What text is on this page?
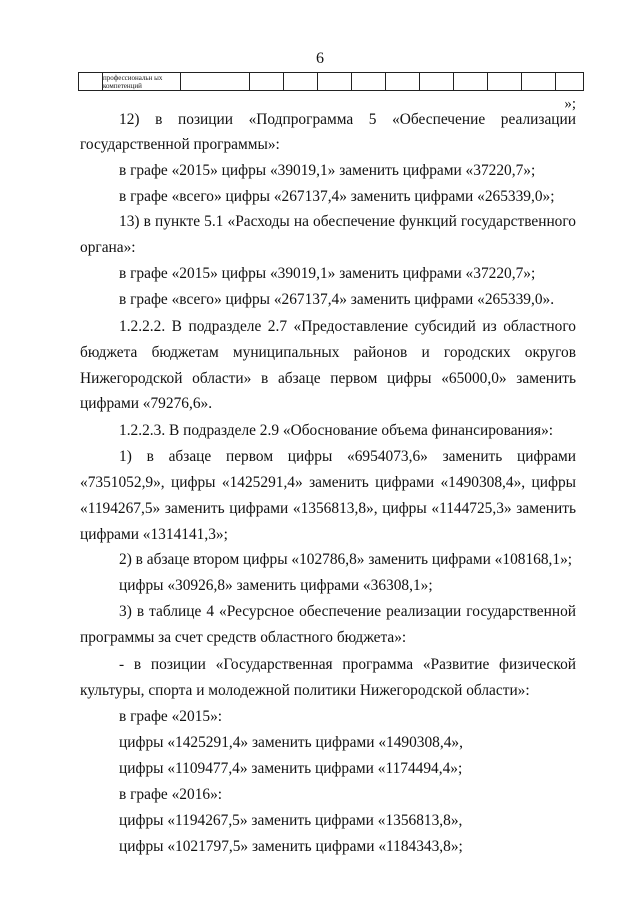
6
	профессиональн ых компетенций											
»;
12) в позиции «Подпрограмма 5 «Обеспечение реализации
государственной программы»:
в графе «2015» цифры «39019,1» заменить цифрами «37220,7»;
в графе «всего» цифры «267137,4» заменить цифрами «265339,0»;
13) в пункте 5.1 «Расходы на обеспечение функций государственного
органа»:
в графе «2015» цифры «39019,1» заменить цифрами «37220,7»;
в графе «всего» цифры «267137,4» заменить цифрами «265339,0».
1.2.2.2. В подразделе 2.7 «Предоставление субсидий из областного
бюджета бюджетам муниципальных районов и городских округов
Нижегородской области» в абзаце первом цифры «65000,0» заменить
цифрами «79276,6».
1.2.2.3. В подразделе 2.9 «Обоснование объема финансирования»:
1) в абзаце первом цифры «6954073,6» заменить цифрами
«7351052,9», цифры «1425291,4» заменить цифрами «1490308,4», цифры
«1194267,5» заменить цифрами «1356813,8», цифры «1144725,3» заменить
цифрами «1314141,3»;
2) в абзаце втором цифры «102786,8» заменить цифрами «108168,1»;
цифры «30926,8» заменить цифрами «36308,1»;
3) в таблице 4 «Ресурсное обеспечение реализации государственной
программы за счет средств областного бюджета»:
- в позиции «Государственная программа «Развитие физической
культуры, спорта и молодежной политики Нижегородской области»:
в графе «2015»:
цифры «1425291,4» заменить цифрами «1490308,4»,
цифры «1109477,4» заменить цифрами «1174494,4»;
в графе «2016»:
цифры «1194267,5» заменить цифрами «1356813,8»,
цифры «1021797,5» заменить цифрами «1184343,8»;
